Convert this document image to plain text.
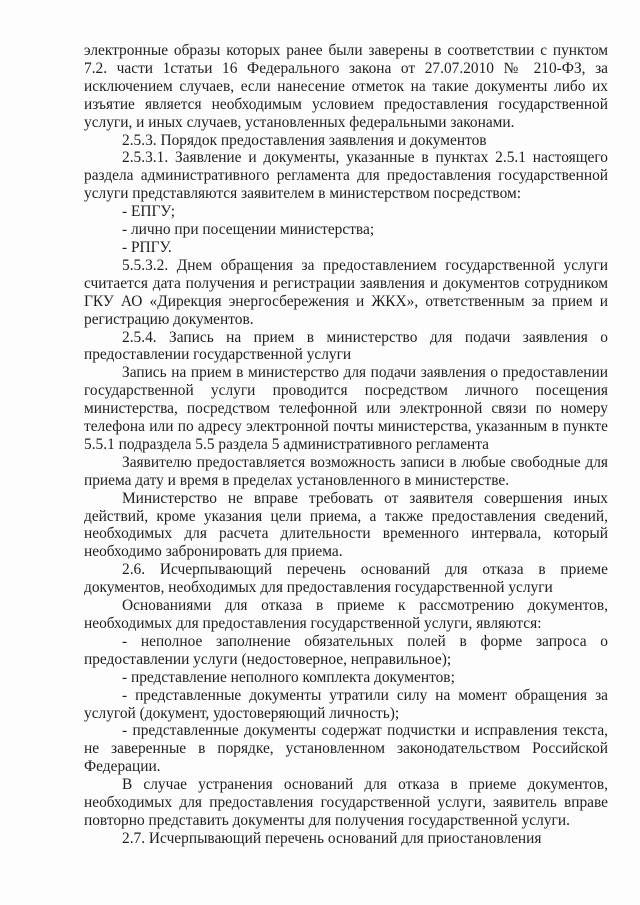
электронные образы которых ранее были заверены в соответствии с пунктом 7.2. части 1статьи 16 Федерального закона от 27.07.2010 № 210-ФЗ, за исключением случаев, если нанесение отметок на такие документы либо их изъятие является необходимым условием предоставления государственной услуги, и иных случаев, установленных федеральными законами.

2.5.3. Порядок предоставления заявления и документов

2.5.3.1. Заявление и документы, указанные в пунктах 2.5.1 настоящего раздела административного регламента для предоставления государственной услуги представляются заявителем в министерством посредством:

- ЕПГУ;

- лично при посещении министерства;

- РПГУ.

5.5.3.2. Днем обращения за предоставлением государственной услуги считается дата получения и регистрации заявления и документов сотрудником ГКУ АО «Дирекция энергосбережения и ЖКХ», ответственным за прием и регистрацию документов.

2.5.4. Запись на прием в министерство для подачи заявления о предоставлении государственной услуги

Запись на прием в министерство для подачи заявления о предоставлении государственной услуги проводится посредством личного посещения министерства, посредством телефонной или электронной связи по номеру телефона или по адресу электронной почты министерства, указанным в пункте 5.5.1 подраздела 5.5 раздела 5 административного регламента

Заявителю предоставляется возможность записи в любые свободные для приема дату и время в пределах установленного в министерстве.

Министерство не вправе требовать от заявителя совершения иных действий, кроме указания цели приема, а также предоставления сведений, необходимых для расчета длительности временного интервала, который необходимо забронировать для приема.

2.6. Исчерпывающий перечень оснований для отказа в приеме документов, необходимых для предоставления государственной услуги

Основаниями для отказа в приеме к рассмотрению документов, необходимых для предоставления государственной услуги, являются:

- неполное заполнение обязательных полей в форме запроса о предоставлении услуги (недостоверное, неправильное);

- представление неполного комплекта документов;

- представленные документы утратили силу на момент обращения за услугой (документ, удостоверяющий личность);

- представленные документы содержат подчистки и исправления текста, не заверенные в порядке, установленном законодательством Российской Федерации.

В случае устранения оснований для отказа в приеме документов, необходимых для предоставления государственной услуги, заявитель вправе повторно представить документы для получения государственной услуги.

2.7. Исчерпывающий перечень оснований для приостановления
